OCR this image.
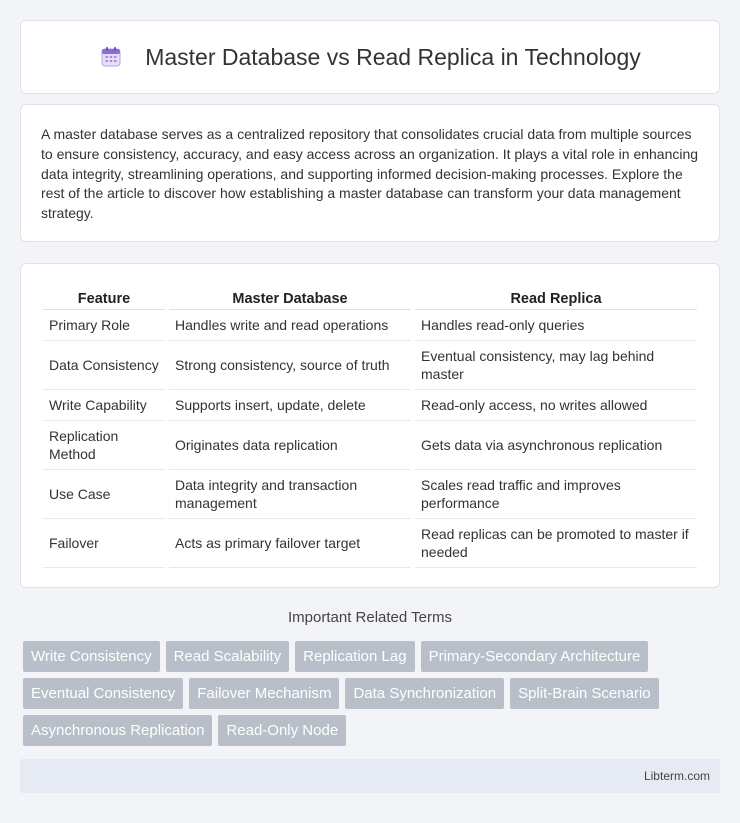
Master Database vs Read Replica in Technology

A master database serves as a centralized repository that consolidates crucial data from multiple sources to ensure consistency, accuracy, and easy access across an organization. It plays a vital role in enhancing data integrity, streamlining operations, and supporting informed decision-making processes. Explore the rest of the article to discover how establishing a master database can transform your data management strategy.

Feature	Master Database	Read Replica
Primary Role	Handles write and read operations	Handles read-only queries
Data Consistency	Strong consistency, source of truth	Eventual consistency, may lag behind master
Write Capability	Supports insert, update, delete	Read-only access, no writes allowed
Replication Method	Originates data replication	Gets data via asynchronous replication
Use Case	Data integrity and transaction management	Scales read traffic and improves performance
Failover	Acts as primary failover target	Read replicas can be promoted to master if needed
Important Related Terms
Write Consistency	Read Scalability	Replication Lag	Primary-Secondary Architecture
Eventual Consistency	Failover Mechanism	Data Synchronization	Split-Brain Scenario
Asynchronous Replication	Read-Only Node
Libterm.com
